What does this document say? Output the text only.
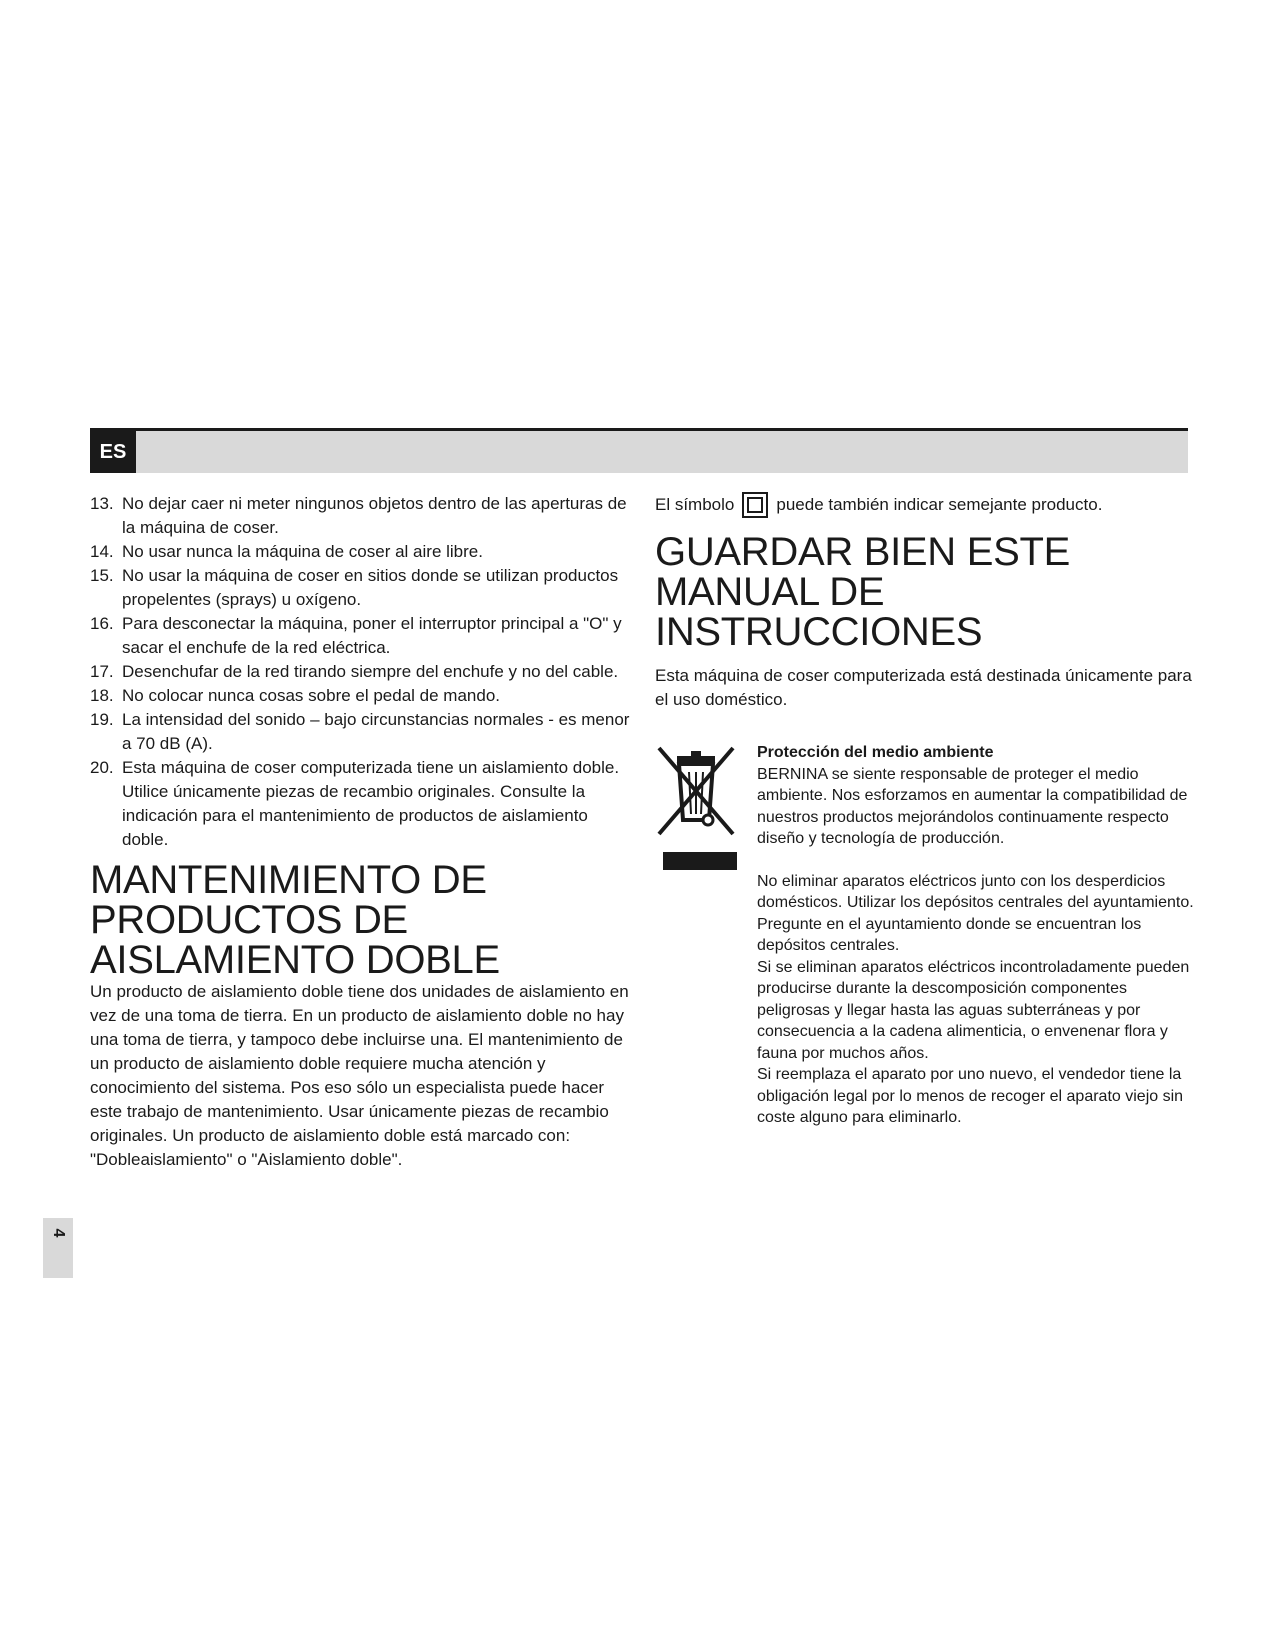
ES
13. No dejar caer ni meter ningunos objetos dentro de las aperturas de la máquina de coser.
14. No usar nunca la máquina de coser al aire libre.
15. No usar la máquina de coser en sitios donde se utilizan productos propelentes (sprays) u oxígeno.
16. Para desconectar la máquina, poner el interruptor principal a "O" y sacar el enchufe de la red eléctrica.
17. Desenchufar de la red tirando siempre del enchufe y no del cable.
18. No colocar nunca cosas sobre el pedal de mando.
19. La intensidad del sonido – bajo circunstancias normales - es menor a 70 dB (A).
20. Esta máquina de coser computerizada tiene un aislamiento doble. Utilice únicamente piezas de recambio originales. Consulte la indicación para el mantenimiento de productos de aislamiento doble.
MANTENIMIENTO DE PRODUCTOS DE AISLAMIENTO DOBLE

Un producto de aislamiento doble tiene dos unidades de aislamiento en vez de una toma de tierra. En un producto de aislamiento doble no hay una toma de tierra, y tampoco debe incluirse una. El mantenimiento de un producto de aislamiento doble requiere mucha atención y conocimiento del sistema. Pos eso sólo un especialista puede hacer este trabajo de mantenimiento. Usar únicamente piezas de recambio originales. Un producto de aislamiento doble está marcado con: "Dobleaislamiento" o "Aislamiento doble".

El símbolo puede también indicar semejante producto.
GUARDAR BIEN ESTE MANUAL DE INSTRUCCIONES

Esta máquina de coser computerizada está destinada únicamente para el uso doméstico.

Protección del medio ambiente

BERNINA se siente responsable de proteger el medio ambiente. Nos esforzamos en aumentar la compatibilidad de nuestros productos mejorándolos continuamente respecto diseño y tecnología de producción.

No eliminar aparatos eléctricos junto con los desperdicios domésticos. Utilizar los depósitos centrales del ayuntamiento.

Pregunte en el ayuntamiento donde se encuentran los depósitos centrales.

Si se eliminan aparatos eléctricos incontroladamente pueden producirse durante la descomposición componentes peligrosas y llegar hasta las aguas subterráneas y por consecuencia a la cadena alimenticia, o envenenar flora y fauna por muchos años.

Si reemplaza el aparato por uno nuevo, el vendedor tiene la obligación legal por lo menos de recoger el aparato viejo sin coste alguno para eliminarlo.

4
